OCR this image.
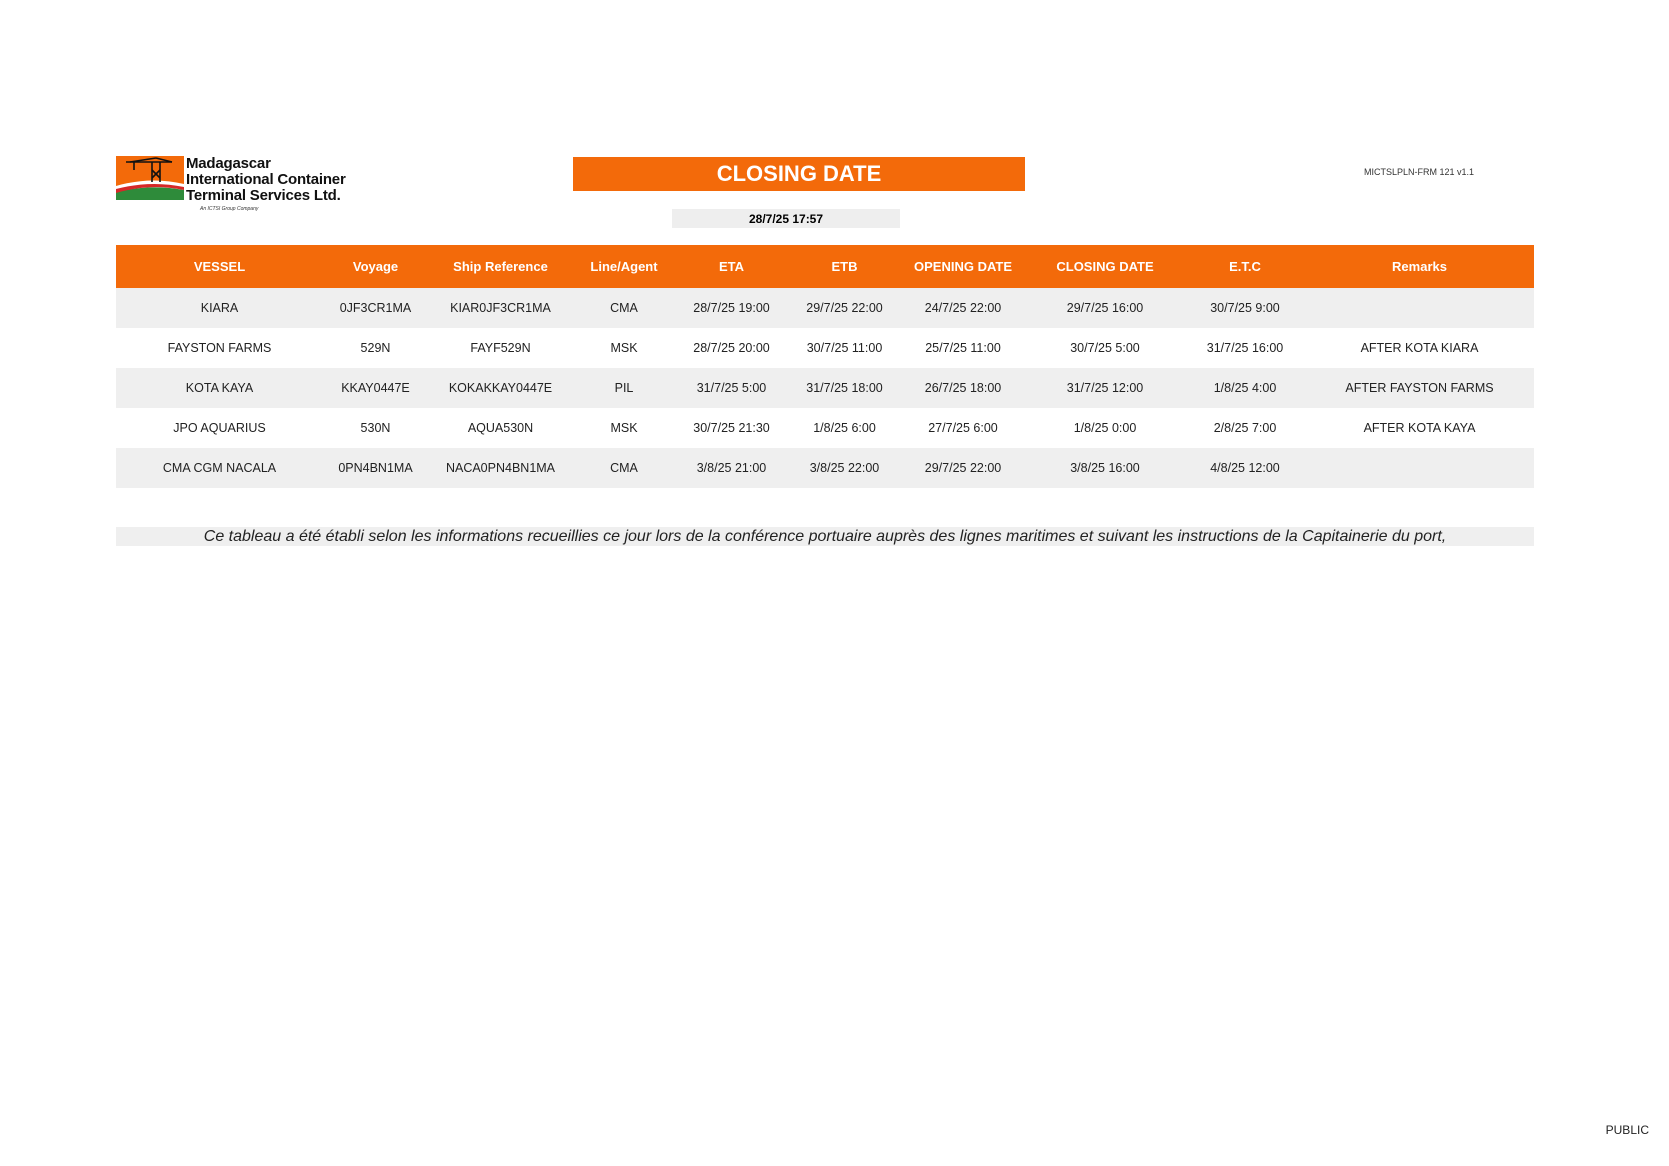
Madagascar
International Container
Terminal Services Ltd.
An ICTSI Group Company
CLOSING DATE
28/7/25 17:57
MICTSLPLN-FRM 121 v1.1
VESSEL	Voyage	Ship Reference	Line/Agent	ETA	ETB	OPENING DATE	CLOSING DATE	E.T.C	Remarks
KIARA	0JF3CR1MA	KIAR0JF3CR1MA	CMA	28/7/25 19:00	29/7/25 22:00	24/7/25 22:00	29/7/25 16:00	30/7/25 9:00	
FAYSTON FARMS	529N	FAYF529N	MSK	28/7/25 20:00	30/7/25 11:00	25/7/25 11:00	30/7/25 5:00	31/7/25 16:00	AFTER KOTA KIARA
KOTA KAYA	KKAY0447E	KOKAKKAY0447E	PIL	31/7/25 5:00	31/7/25 18:00	26/7/25 18:00	31/7/25 12:00	1/8/25 4:00	AFTER FAYSTON FARMS
JPO AQUARIUS	530N	AQUA530N	MSK	30/7/25 21:30	1/8/25 6:00	27/7/25 6:00	1/8/25 0:00	2/8/25 7:00	AFTER KOTA KAYA
CMA CGM NACALA	0PN4BN1MA	NACA0PN4BN1MA	CMA	3/8/25 21:00	3/8/25 22:00	29/7/25 22:00	3/8/25 16:00	4/8/25 12:00	
Ce tableau a été établi selon les informations recueillies ce jour lors de la conférence portuaire auprès des lignes maritimes et suivant les instructions de la Capitainerie du port,
PUBLIC
